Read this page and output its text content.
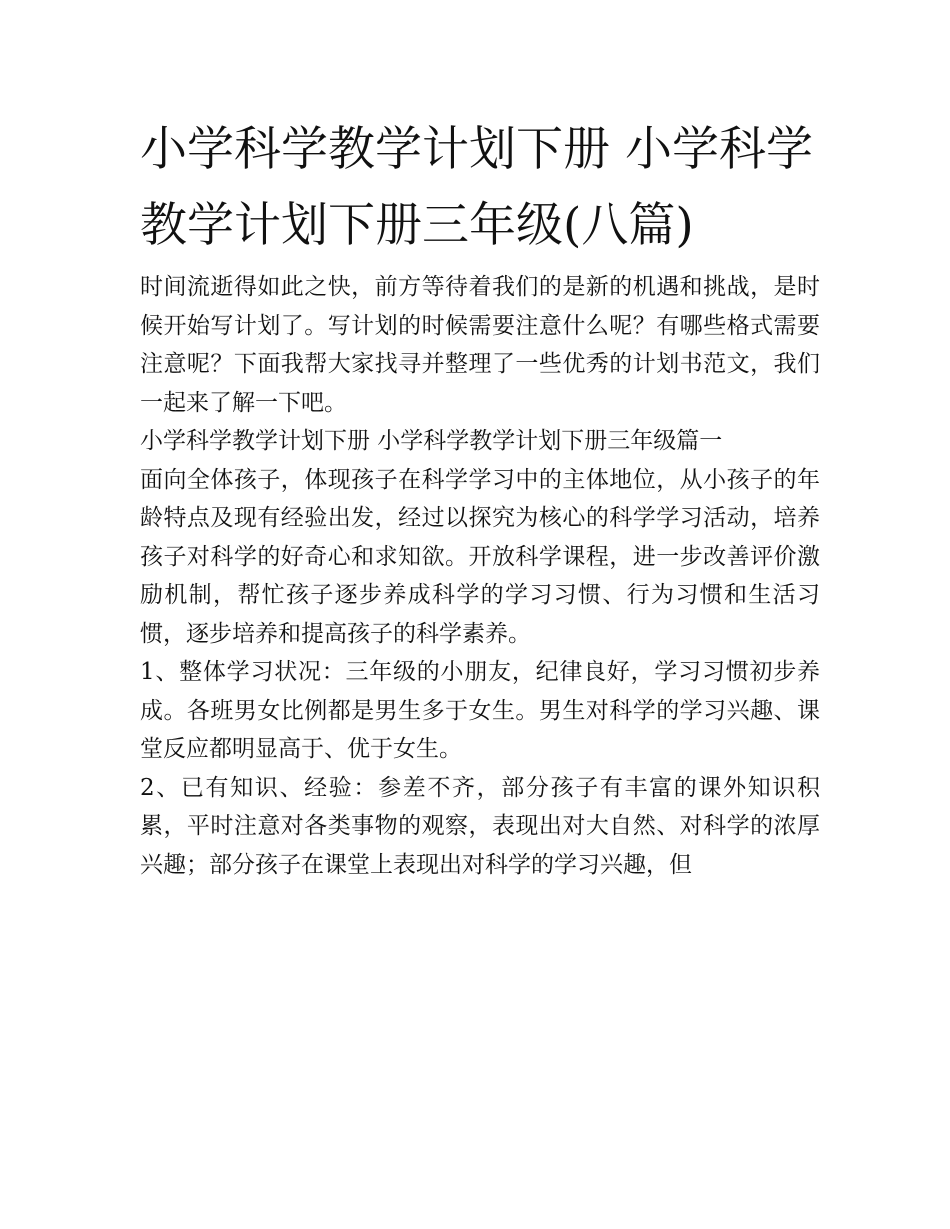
小学科学教学计划下册 小学科学教学计划下册三年级(八篇)

时间流逝得如此之快，前方等待着我们的是新的机遇和挑战，是时候开始写计划了。写计划的时候需要注意什么呢？有哪些格式需要注意呢？下面我帮大家找寻并整理了一些优秀的计划书范文，我们一起来了解一下吧。

小学科学教学计划下册 小学科学教学计划下册三年级篇一

面向全体孩子，体现孩子在科学学习中的主体地位，从小孩子的年龄特点及现有经验出发，经过以探究为核心的科学学习活动，培养孩子对科学的好奇心和求知欲。开放科学课程，进一步改善评价激励机制，帮忙孩子逐步养成科学的学习习惯、行为习惯和生活习惯，逐步培养和提高孩子的科学素养。

1、整体学习状况：三年级的小朋友，纪律良好，学习习惯初步养成。各班男女比例都是男生多于女生。男生对科学的学习兴趣、课堂反应都明显高于、优于女生。

2、已有知识、经验：参差不齐，部分孩子有丰富的课外知识积累，平时注意对各类事物的观察，表现出对大自然、对科学的浓厚兴趣；部分孩子在课堂上表现出对科学的学习兴趣，但
